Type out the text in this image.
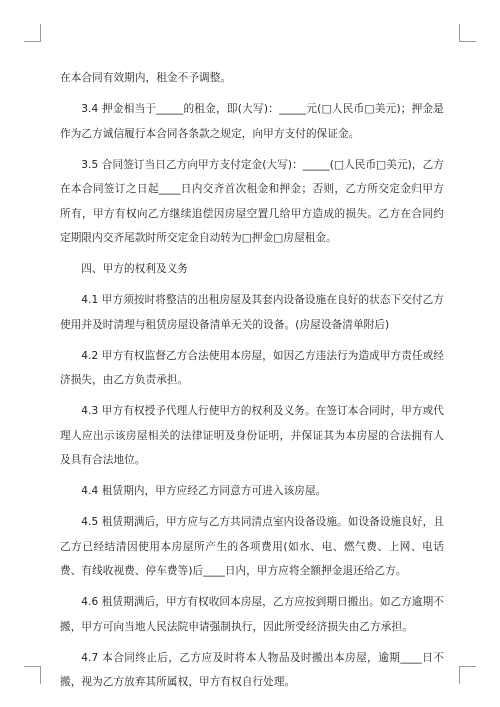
在本合同有效期内，租金不予调整。

3.4 押金相当于_____的租金，即(大写)：_____元(□人民币□美元)；押金是作为乙方诚信履行本合同各条款之规定，向甲方支付的保证金。

3.5 合同签订当日乙方向甲方支付定金(大写)：_____(□人民币□美元)，乙方在本合同签订之日起____日内交齐首次租金和押金；否则，乙方所交定金归甲方所有，甲方有权向乙方继续追偿因房屋空置几给甲方造成的损失。乙方在合同约定期限内交齐尾款时所交定金自动转为□押金□房屋租金。

四、甲方的权利及义务

4.1 甲方须按时将整洁的出租房屋及其套内设备设施在良好的状态下交付乙方使用并及时清理与租赁房屋设备清单无关的设备。(房屋设备清单附后)

4.2 甲方有权监督乙方合法使用本房屋，如因乙方违法行为造成甲方责任或经济损失，由乙方负责承担。

4.3 甲方有权授予代理人行使甲方的权利及义务。在签订本合同时，甲方或代理人应出示该房屋相关的法律证明及身份证明，并保证其为本房屋的合法拥有人及具有合法地位。

4.4 租赁期内，甲方应经乙方同意方可进入该房屋。

4.5 租赁期满后，甲方应与乙方共同清点室内设备设施。如设备设施良好，且乙方已经结清因使用本房屋所产生的各项费用(如水、电、燃气费、上网、电话费、有线收视费、停车费等)后____日内，甲方应将全额押金退还给乙方。

4.6 租赁期满后，甲方有权收回本房屋，乙方应按到期日搬出。如乙方逾期不搬，甲方可向当地人民法院申请强制执行，因此所受经济损失由乙方承担。

4.7 本合同终止后，乙方应及时将本人物品及时搬出本房屋，逾期____日不搬，视为乙方放弃其所属权，甲方有权自行处理。
